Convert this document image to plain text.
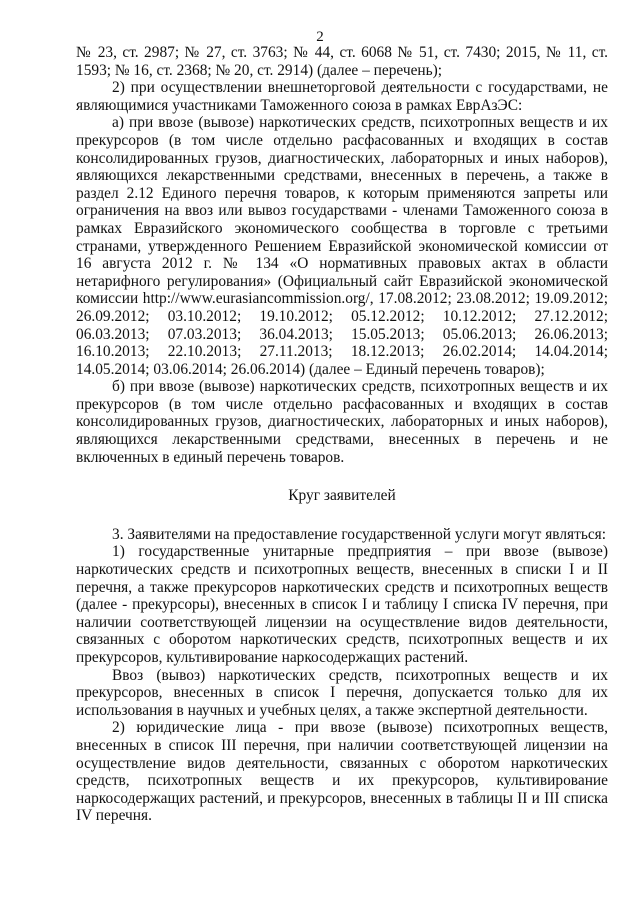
2

№ 23, ст. 2987; № 27, ст. 3763; № 44, ст. 6068 № 51, ст. 7430; 2015, № 11, ст. 1593; № 16, ст. 2368; № 20, ст. 2914) (далее – перечень);

2) при осуществлении внешнеторговой деятельности с государствами, не являющимися участниками Таможенного союза в рамках ЕврАзЭС:

а) при ввозе (вывозе) наркотических средств, психотропных веществ и их прекурсоров (в том числе отдельно расфасованных и входящих в состав консолидированных грузов, диагностических, лабораторных и иных наборов), являющихся лекарственными средствами, внесенных в перечень, а также в раздел 2.12 Единого перечня товаров, к которым применяются запреты или ограничения на ввоз или вывоз государствами - членами Таможенного союза в рамках Евразийского экономического сообщества в торговле с третьими странами, утвержденного Решением Евразийской экономической комиссии от 16 августа 2012 г. № 134 «О нормативных правовых актах в области нетарифного регулирования» (Официальный сайт Евразийской экономической комиссии http://www.eurasiancommission.org/, 17.08.2012; 23.08.2012; 19.09.2012; 26.09.2012; 03.10.2012; 19.10.2012; 05.12.2012; 10.12.2012; 27.12.2012; 06.03.2013; 07.03.2013; 36.04.2013; 15.05.2013; 05.06.2013; 26.06.2013; 16.10.2013; 22.10.2013; 27.11.2013; 18.12.2013; 26.02.2014; 14.04.2014; 14.05.2014; 03.06.2014; 26.06.2014) (далее – Единый перечень товаров);

б) при ввозе (вывозе) наркотических средств, психотропных веществ и их прекурсоров (в том числе отдельно расфасованных и входящих в состав консолидированных грузов, диагностических, лабораторных и иных наборов), являющихся лекарственными средствами, внесенных в перечень и не включенных в единый перечень товаров.

Круг заявителей

3. Заявителями на предоставление государственной услуги могут являться:

1) государственные унитарные предприятия – при ввозе (вывозе) наркотических средств и психотропных веществ, внесенных в списки I и II перечня, а также прекурсоров наркотических средств и психотропных веществ (далее - прекурсоры), внесенных в список I и таблицу I списка IV перечня, при наличии соответствующей лицензии на осуществление видов деятельности, связанных с оборотом наркотических средств, психотропных веществ и их прекурсоров, культивирование наркосодержащих растений.

Ввоз (вывоз) наркотических средств, психотропных веществ и их прекурсоров, внесенных в список I перечня, допускается только для их использования в научных и учебных целях, а также экспертной деятельности.

2) юридические лица - при ввозе (вывозе) психотропных веществ, внесенных в список III перечня, при наличии соответствующей лицензии на осуществление видов деятельности, связанных с оборотом наркотических средств, психотропных веществ и их прекурсоров, культивирование наркосодержащих растений, и прекурсоров, внесенных в таблицы II и III списка IV перечня.
